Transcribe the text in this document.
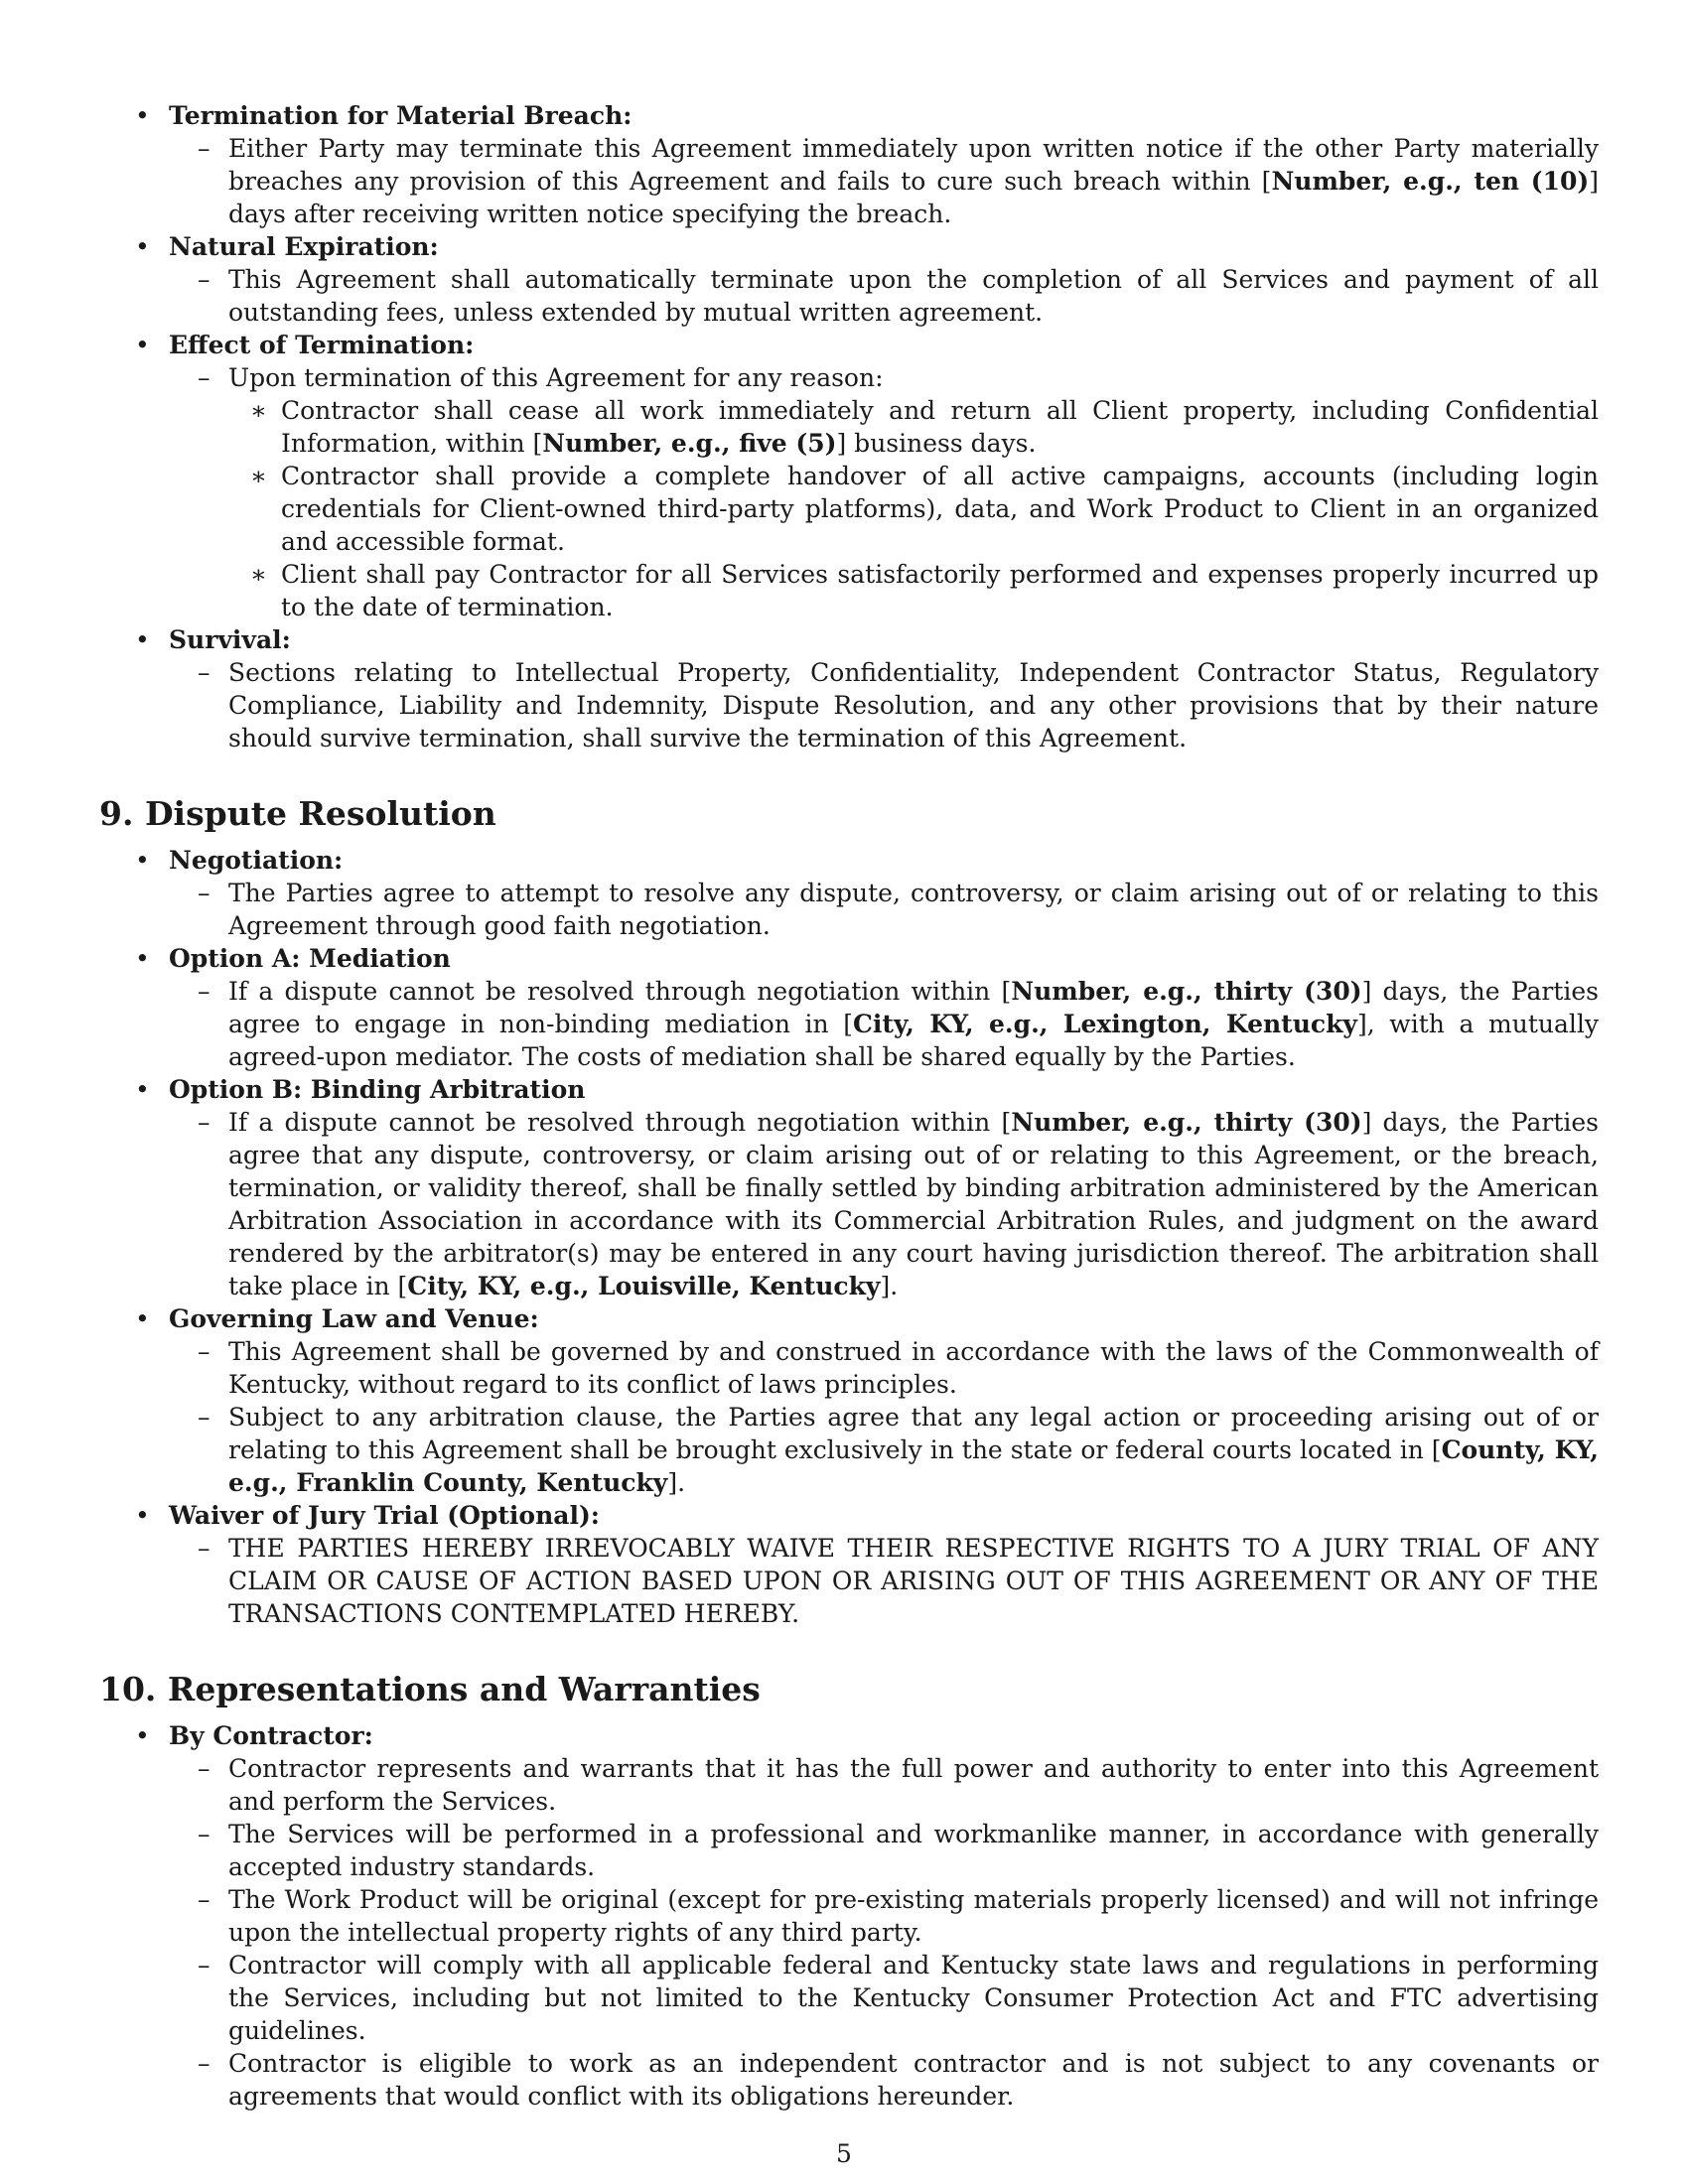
• Termination for Material Breach:
– Either Party may terminate this Agreement immediately upon written notice if the other Party materially breaches any provision of this Agreement and fails to cure such breach within [Number, e.g., ten (10)] days after receiving written notice specifying the breach.
• Natural Expiration:
– This Agreement shall automatically terminate upon the completion of all Services and payment of all outstanding fees, unless extended by mutual written agreement.
• Effect of Termination:
– Upon termination of this Agreement for any reason:
∗ Contractor shall cease all work immediately and return all Client property, including Confidential Information, within [Number, e.g., five (5)] business days.
∗ Contractor shall provide a complete handover of all active campaigns, accounts (including login credentials for Client-owned third-party platforms), data, and Work Product to Client in an organized and accessible format.
∗ Client shall pay Contractor for all Services satisfactorily performed and expenses properly incurred up to the date of termination.
• Survival:
– Sections relating to Intellectual Property, Confidentiality, Independent Contractor Status, Regulatory Compliance, Liability and Indemnity, Dispute Resolution, and any other provisions that by their nature should survive termination, shall survive the termination of this Agreement.
9. Dispute Resolution
• Negotiation:
– The Parties agree to attempt to resolve any dispute, controversy, or claim arising out of or relating to this Agreement through good faith negotiation.
• Option A: Mediation
– If a dispute cannot be resolved through negotiation within [Number, e.g., thirty (30)] days, the Parties agree to engage in non-binding mediation in [City, KY, e.g., Lexington, Kentucky], with a mutually agreed-upon mediator. The costs of mediation shall be shared equally by the Parties.
• Option B: Binding Arbitration
– If a dispute cannot be resolved through negotiation within [Number, e.g., thirty (30)] days, the Parties agree that any dispute, controversy, or claim arising out of or relating to this Agreement, or the breach, termination, or validity thereof, shall be finally settled by binding arbitration administered by the American Arbitration Association in accordance with its Commercial Arbitration Rules, and judgment on the award rendered by the arbitrator(s) may be entered in any court having jurisdiction thereof. The arbitration shall take place in [City, KY, e.g., Louisville, Kentucky].
• Governing Law and Venue:
– This Agreement shall be governed by and construed in accordance with the laws of the Commonwealth of Kentucky, without regard to its conflict of laws principles.
– Subject to any arbitration clause, the Parties agree that any legal action or proceeding arising out of or relating to this Agreement shall be brought exclusively in the state or federal courts located in [County, KY, e.g., Franklin County, Kentucky].
• Waiver of Jury Trial (Optional):
– THE PARTIES HEREBY IRREVOCABLY WAIVE THEIR RESPECTIVE RIGHTS TO A JURY TRIAL OF ANY CLAIM OR CAUSE OF ACTION BASED UPON OR ARISING OUT OF THIS AGREEMENT OR ANY OF THE TRANSACTIONS CONTEMPLATED HEREBY.
10. Representations and Warranties
• By Contractor:
– Contractor represents and warrants that it has the full power and authority to enter into this Agreement and perform the Services.
– The Services will be performed in a professional and workmanlike manner, in accordance with generally accepted industry standards.
– The Work Product will be original (except for pre-existing materials properly licensed) and will not infringe upon the intellectual property rights of any third party.
– Contractor will comply with all applicable federal and Kentucky state laws and regulations in performing the Services, including but not limited to the Kentucky Consumer Protection Act and FTC advertising guidelines.
– Contractor is eligible to work as an independent contractor and is not subject to any covenants or agreements that would conflict with its obligations hereunder.
5
